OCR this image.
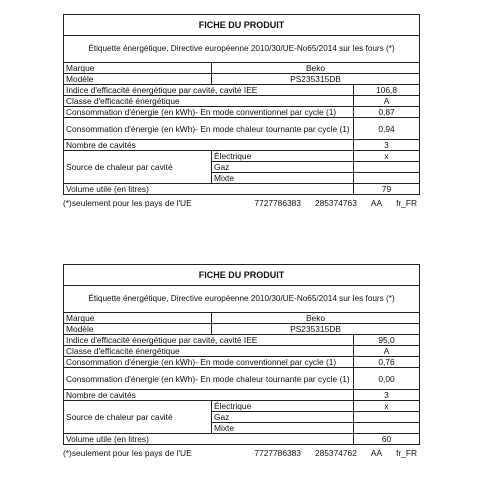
FICHE DU PRODUIT		
Étiquette énergétique, Directive européenne 2010/30/UE-No65/2014 sur les fours (*)		
Marque	Beko	
Modèle	PS235315DB	
Indice d'efficacité énergétique par cavité, cavité IEE		106,8
Classe d'efficacité énergétique		A
Consommation d'énergie (en kWh)- En mode conventionnel par cycle (1)		0,87
Consommation d'énergie (en kWh)- En mode chaleur tournante par cycle (1)		0,94
Nombre de cavités		3
Source de chaleur par cavité	Électrique	x
	Gaz	
	Mixte	
Volume utile (en litres)		79
(*)seulement pour les pays de l'UE	7727786383 285374763 AA fr_FR
FICHE DU PRODUIT		
Étiquette énergétique, Directive européenne 2010/30/UE-No65/2014 sur les fours (*)		
Marque	Beko	
Modèle	PS235315DB	
Indice d'efficacité énergétique par cavité, cavité IEE		95,0
Classe d'efficacité énergétique		A
Consommation d'énergie (en kWh)- En mode conventionnel par cycle (1)		0,76
Consommation d'énergie (en kWh)- En mode chaleur tournante par cycle (1)		0,00
Nombre de cavités		3
Source de chaleur par cavité	Électrique	x
	Gaz	
	Mixte	
Volume utile (en litres)		60
(*)seulement pour les pays de l'UE	7727786383 285374762 AA fr_FR
